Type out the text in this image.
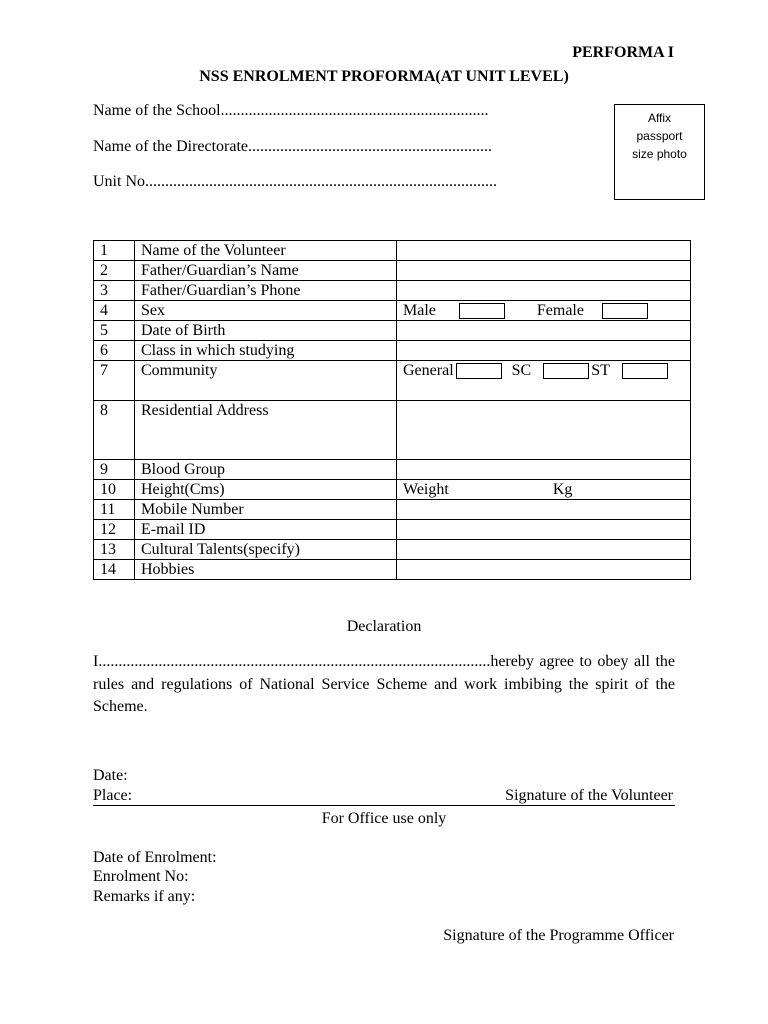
PERFORMA I
NSS ENROLMENT PROFORMA(AT UNIT LEVEL)
Name of the School...................................................................
Name of the Directorate.............................................................
Unit No........................................................................................
Affix
passport
size photo
1	Name of the Volunteer	
2	Father/Guardian’s Name	
3	Father/Guardian’s Phone	
4	Sex	Male Female
5	Date of Birth	
6	Class in which studying	
7	Community	General SC ST
8	Residential Address	
9	Blood Group	
10	Height(Cms)	Weight Kg
11	Mobile Number	
12	E-mail ID	
13	Cultural Talents(specify)	
14	Hobbies	
Declaration
I..................................................................................................hereby agree to obey all the rules and regulations of National Service Scheme and work imbibing the spirit of the Scheme.
Date:
Place:	Signature of the Volunteer
For Office use only
Date of Enrolment:
Enrolment No:
Remarks if any:
Signature of the Programme Officer
